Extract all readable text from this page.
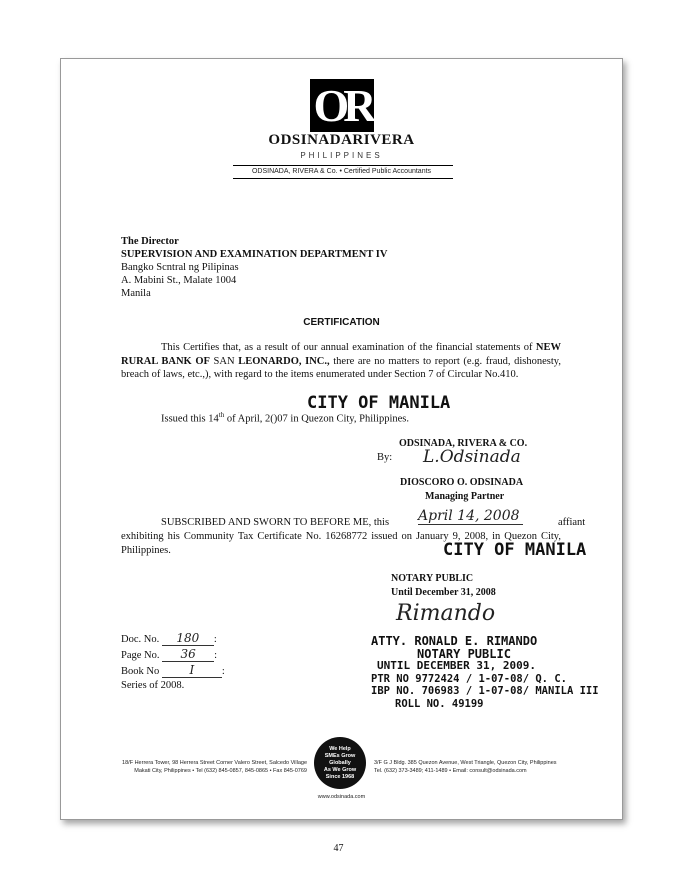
OR
ODSINADARIVERA
PHILIPPINES
ODSINADA, RIVERA & Co. • Certified Public Accountants
The Director
SUPERVISION AND EXAMINATION DEPARTMENT IV
Bangko Scntral ng Pilipinas
A. Mabini St., Malate 1004
Manila
CERTIFICATION
This Certifies that, as a result of our annual examination of the financial statements of NEW RURAL BANK OF SAN LEONARDO, INC., there are no matters to report (e.g. fraud, dishonesty, breach of laws, etc.,), with regard to the items enumerated under Section 7 of Circular No.410.
Issued this 14th of April, 2()07 in Quezon City, Philippines.
CITY OF MANILA
ODSINADA, RIVERA & CO.
By: L.Odsinada
DIOSCORO O. ODSINADA
Managing Partner
SUBSCRIBED AND SWORN TO BEFORE ME, this	affiant
exhibiting his Community Tax Certificate No. 16268772 issued on January 9, 2008, in Quezon City, Philippines.
April 14, 2008
CITY OF MANILA
NOTARY PUBLIC
Until December 31, 2008
Doc. No. 180 :
Page No. 36 :
Book No	I	:
Series of 2008.
Rimando
ATTY. RONALD E. RIMANDO
NOTARY PUBLIC
UNTIL DECEMBER 31, 2009.
PTR NO 9772424 / 1-07-08/ Q. C.
IBP NO. 706983 / 1-07-08/ MANILA III
ROLL NO. 49199
18/F Herrera Tower, 98 Herrera Street Corner Valero Street, Salcedo Village
Makati City, Philippines • Tel (632) 845-0857, 845-0865 • Fax 845-0769
We Help
SMEs Grow
Globally
As We Grow
Since 1968
3/F G J Bldg. 385 Quezon Avenue, West Triangle, Quezon City, Philippines
Tel. (632) 373-3489; 411-1489 • Email: consult@odsinada.com
www.odsinada.com
47
